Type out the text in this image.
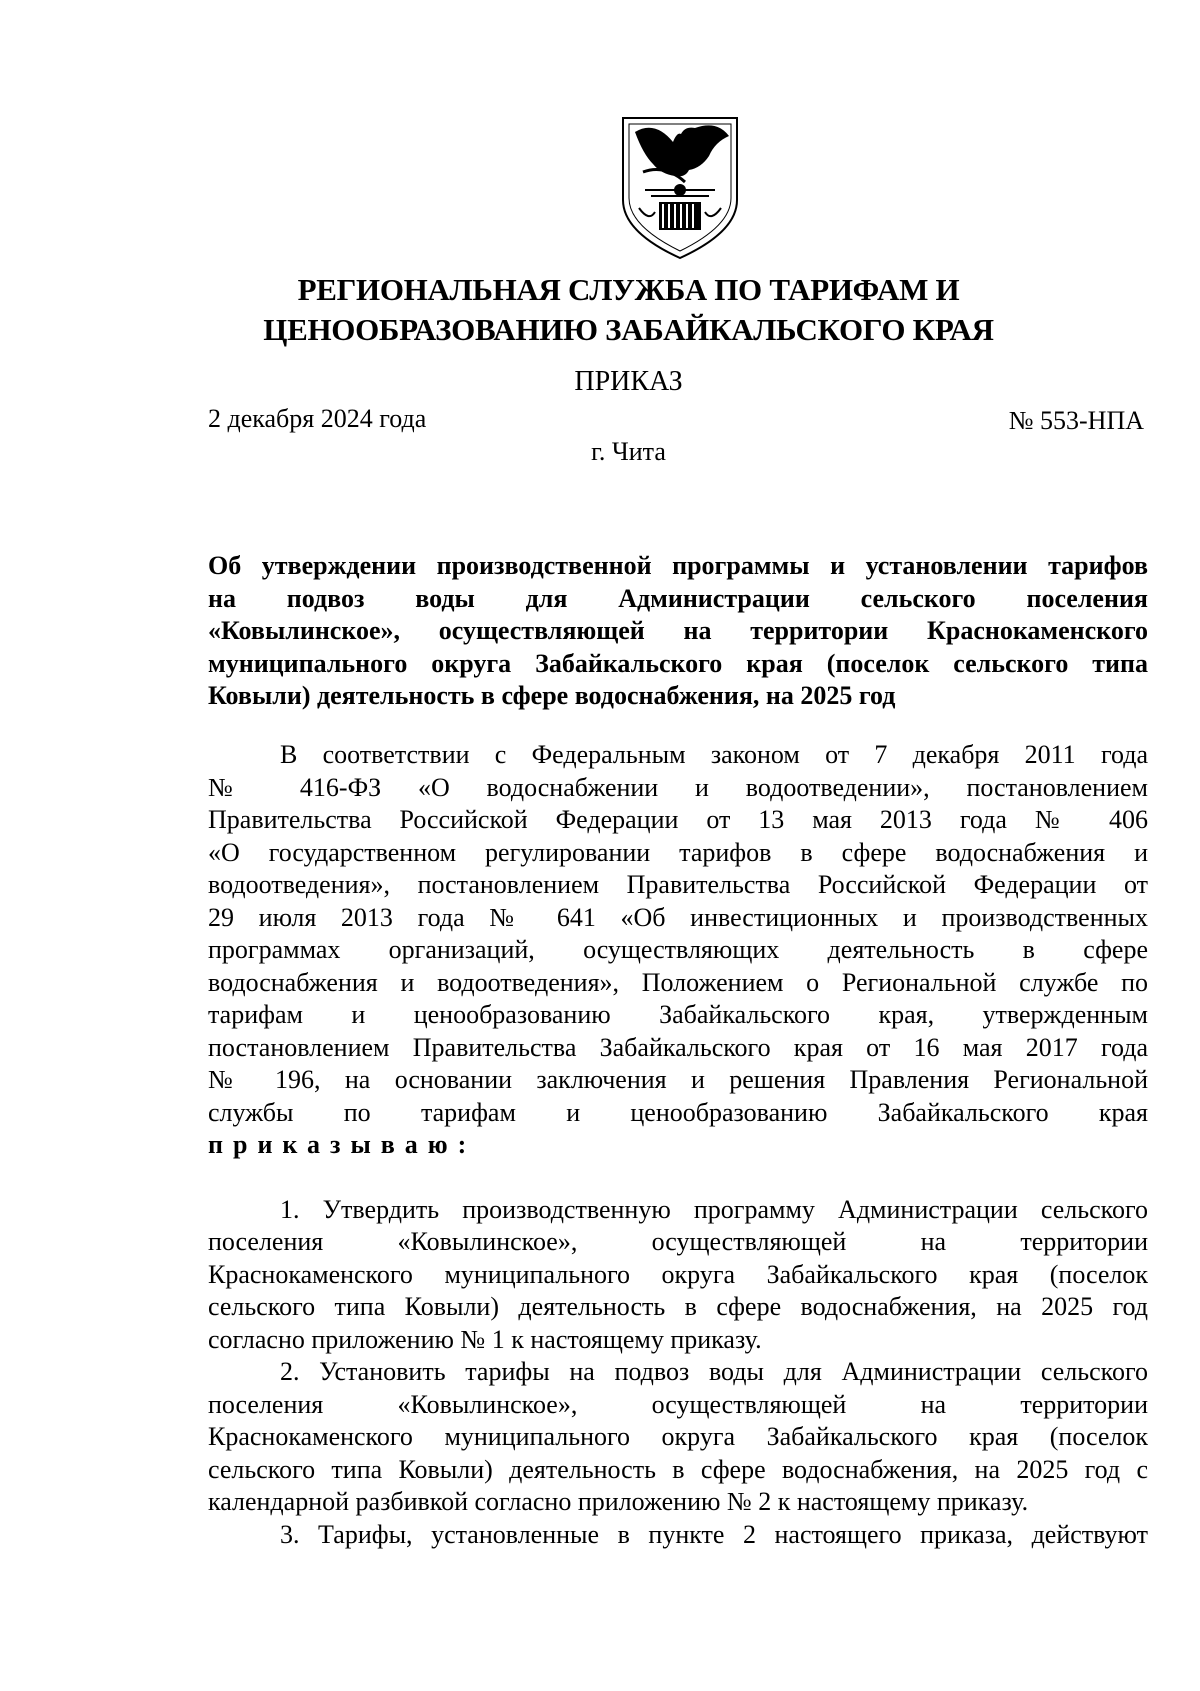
РЕГИОНАЛЬНАЯ СЛУЖБА ПО ТАРИФАМ И
ЦЕНООБРАЗОВАНИЮ ЗАБАЙКАЛЬСКОГО КРАЯ
ПРИКАЗ
2 декабря 2024 года	№ 553-НПА
г. Чита
Об утверждении производственной программы и установлении тарифов
на подвоз воды для Администрации сельского поселения
«Ковылинское», осуществляющей на территории Краснокаменского
муниципального округа Забайкальского края (поселок сельского типа
Ковыли) деятельность в сфере водоснабжения, на 2025 год
В соответствии с Федеральным законом от 7 декабря 2011 года
№ 416-ФЗ «О водоснабжении и водоотведении», постановлением
Правительства Российской Федерации от 13 мая 2013 года № 406
«О государственном регулировании тарифов в сфере водоснабжения и
водоотведения», постановлением Правительства Российской Федерации от
29 июля 2013 года № 641 «Об инвестиционных и производственных
программах организаций, осуществляющих деятельность в сфере
водоснабжения и водоотведения», Положением о Региональной службе по
тарифам и ценообразованию Забайкальского края, утвержденным
постановлением Правительства Забайкальского края от 16 мая 2017 года
№ 196, на основании заключения и решения Правления Региональной
службы по тарифам и ценообразованию Забайкальского края
приказываю:
1. Утвердить производственную программу Администрации сельского
поселения «Ковылинское», осуществляющей на территории
Краснокаменского муниципального округа Забайкальского края (поселок
сельского типа Ковыли) деятельность в сфере водоснабжения, на 2025 год
согласно приложению № 1 к настоящему приказу.
2. Установить тарифы на подвоз воды для Администрации сельского
поселения «Ковылинское», осуществляющей на территории
Краснокаменского муниципального округа Забайкальского края (поселок
сельского типа Ковыли) деятельность в сфере водоснабжения, на 2025 год с
календарной разбивкой согласно приложению № 2 к настоящему приказу.
3. Тарифы, установленные в пункте 2 настоящего приказа, действуют
